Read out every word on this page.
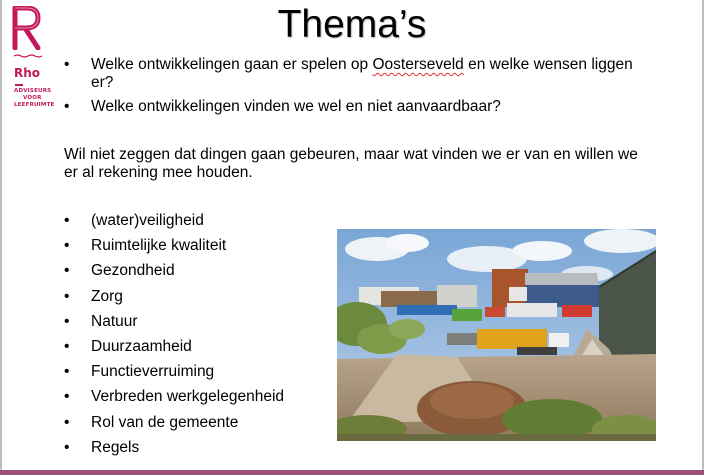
Rho
ADVISEURS
VOOR
LEEFRUIMTE
Thema’s
• Welke ontwikkelingen gaan er spelen op Oosterseveld en welke wensen liggen er?
• Welke ontwikkelingen vinden we wel en niet aanvaardbaar?
Wil niet zeggen dat dingen gaan gebeuren, maar wat vinden we er van en willen we er al rekening mee houden.
• (water)veiligheid
• Ruimtelijke kwaliteit
• Gezondheid
• Zorg
• Natuur
• Duurzaamheid
• Functieverruiming
• Verbreden werkgelegenheid
• Rol van de gemeente
• Regels
